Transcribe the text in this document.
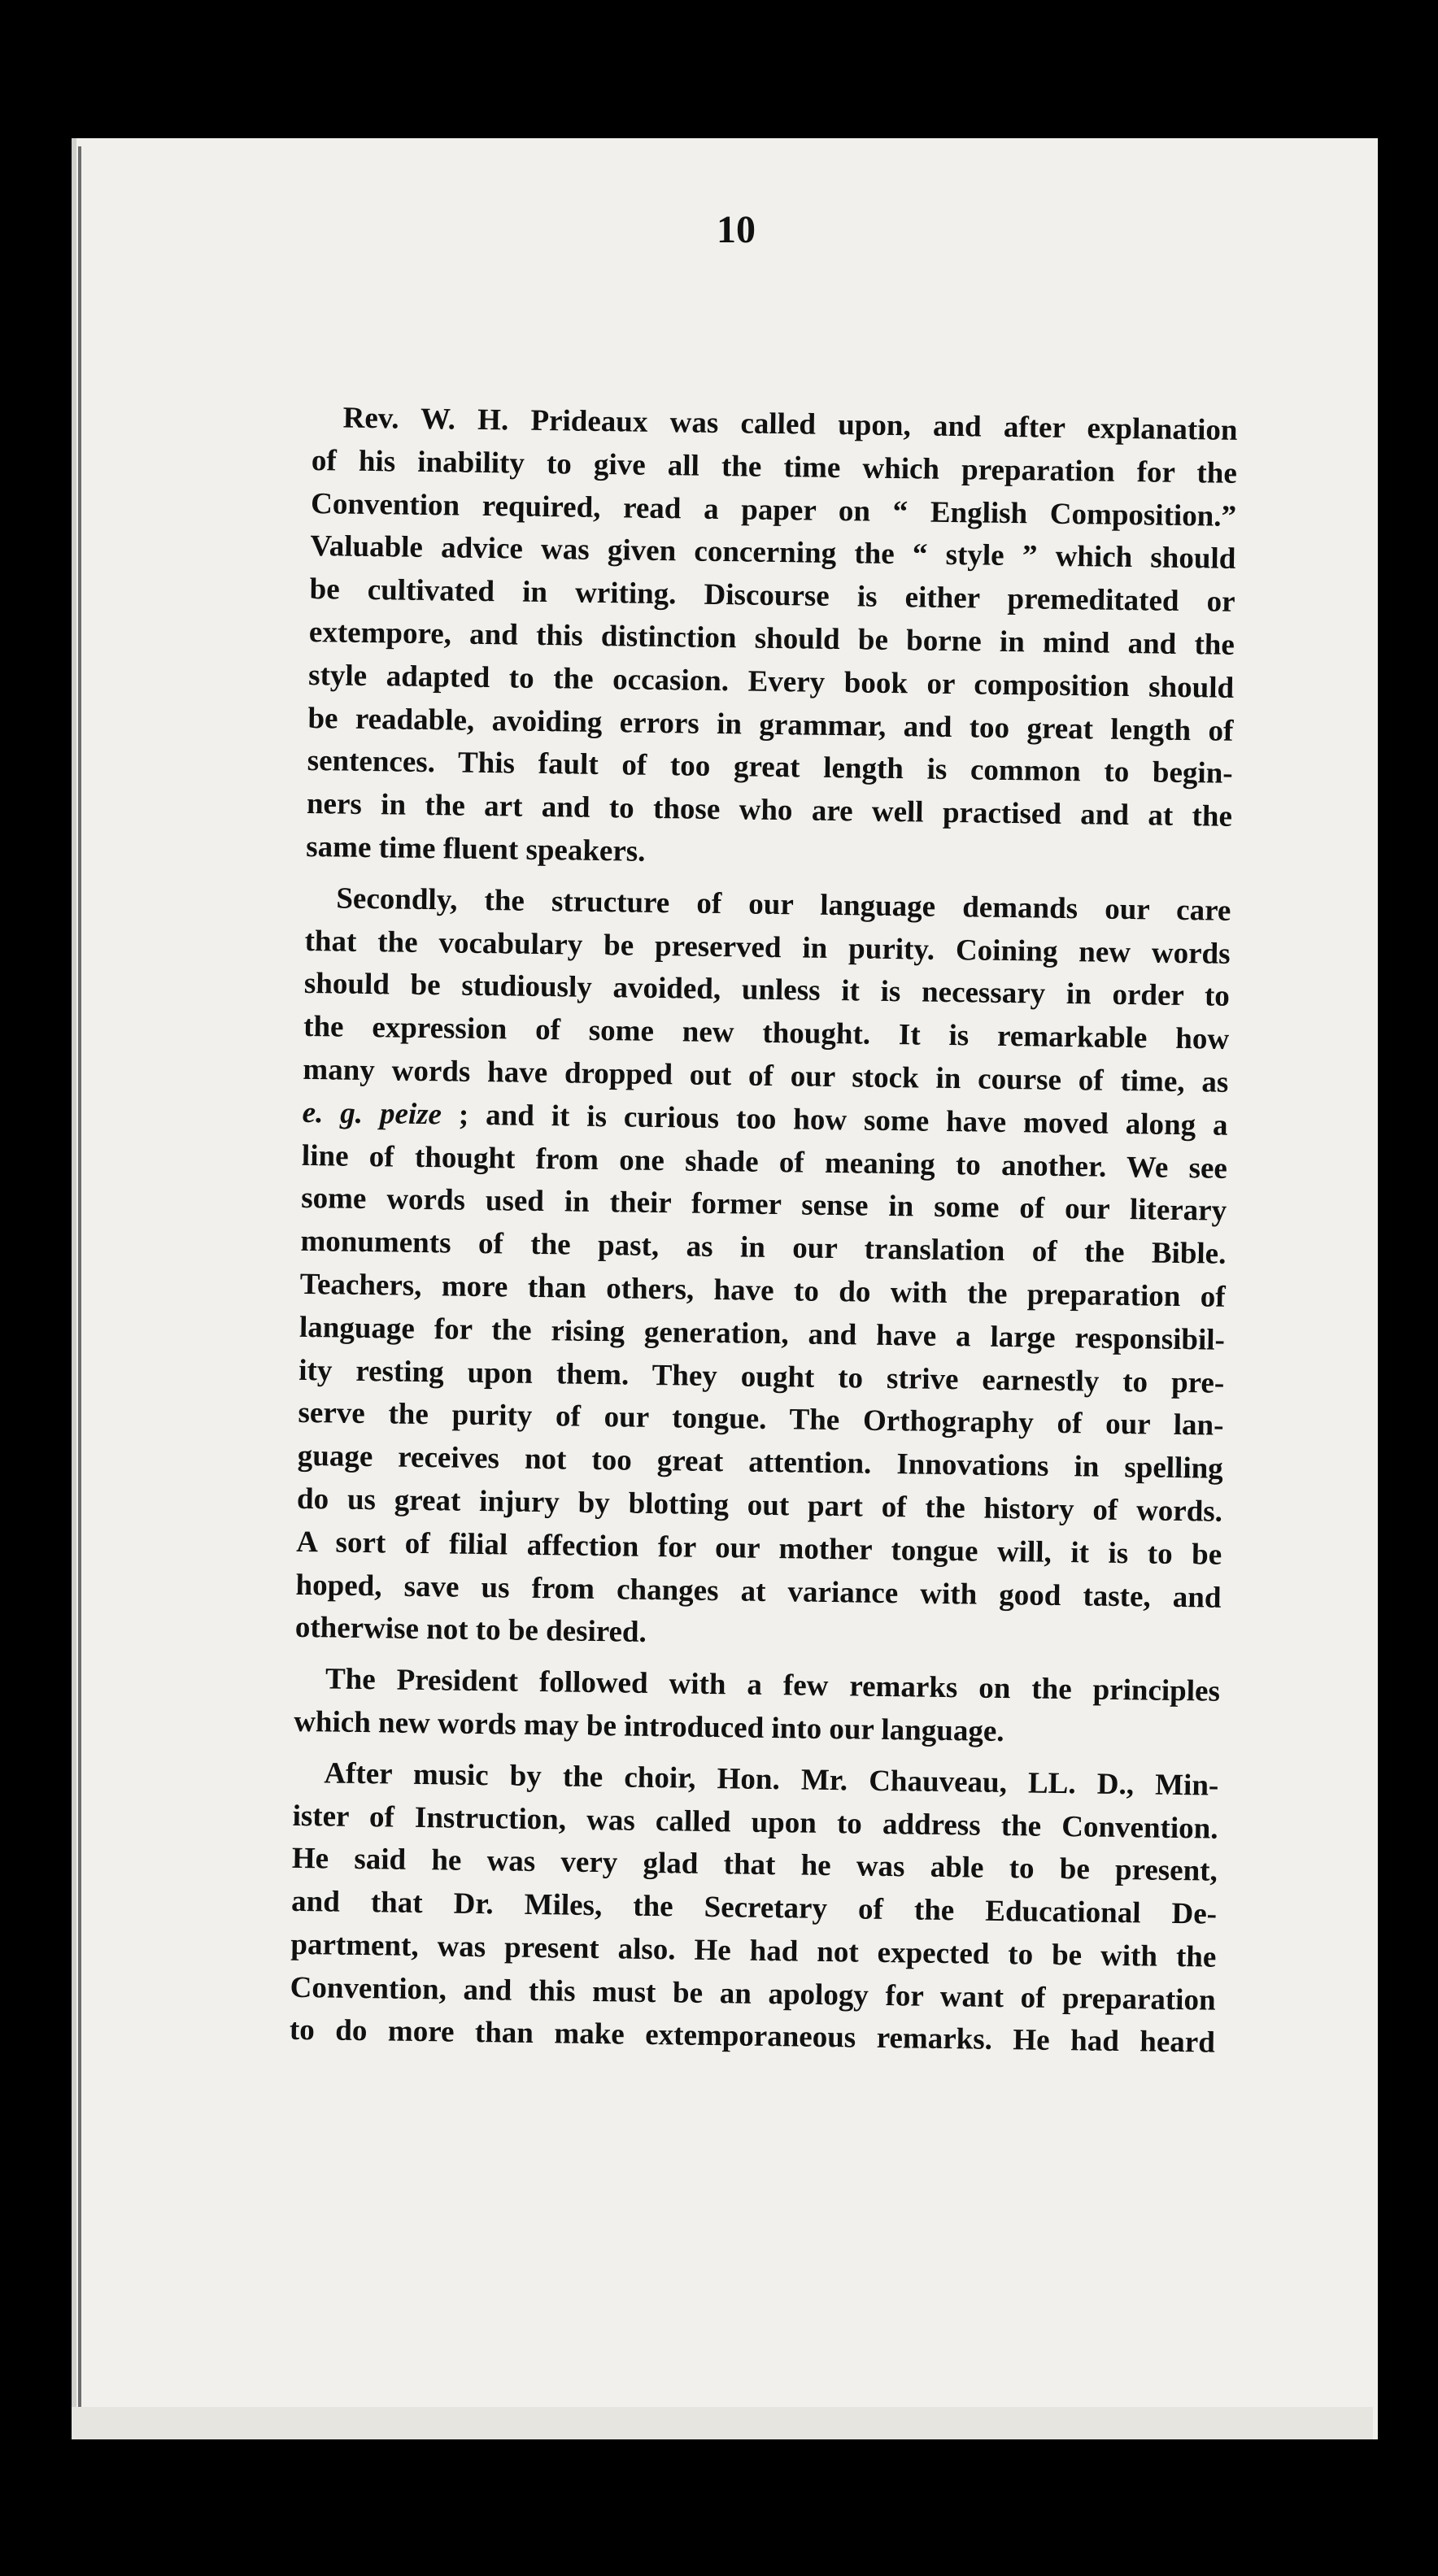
10

Rev. W. H. Prideaux was called upon, and after explanation
of his inability to give all the time which preparation for the
Convention required, read a paper on “ English Composition.”
Valuable advice was given concerning the “ style ” which should
be cultivated in writing. Discourse is either premeditated or
extempore, and this distinction should be borne in mind and the
style adapted to the occasion. Every book or composition should
be readable, avoiding errors in grammar, and too great length of
sentences. This fault of too great length is common to begin-
ners in the art and to those who are well practised and at the
same time fluent speakers.

Secondly, the structure of our language demands our care
that the vocabulary be preserved in purity. Coining new words
should be studiously avoided, unless it is necessary in order to
the expression of some new thought. It is remarkable how
many words have dropped out of our stock in course of time, as
e. g. peize ; and it is curious too how some have moved along a
line of thought from one shade of meaning to another. We see
some words used in their former sense in some of our literary
monuments of the past, as in our translation of the Bible.
Teachers, more than others, have to do with the preparation of
language for the rising generation, and have a large responsibil-
ity resting upon them. They ought to strive earnestly to pre-
serve the purity of our tongue. The Orthography of our lan-
guage receives not too great attention. Innovations in spelling
do us great injury by blotting out part of the history of words.
A sort of filial affection for our mother tongue will, it is to be
hoped, save us from changes at variance with good taste, and
otherwise not to be desired.

The President followed with a few remarks on the principles
which new words may be introduced into our language.

After music by the choir, Hon. Mr. Chauveau, LL. D., Min-
ister of Instruction, was called upon to address the Convention.
He said he was very glad that he was able to be present,
and that Dr. Miles, the Secretary of the Educational De-
partment, was present also. He had not expected to be with the
Convention, and this must be an apology for want of preparation
to do more than make extemporaneous remarks. He had heard
